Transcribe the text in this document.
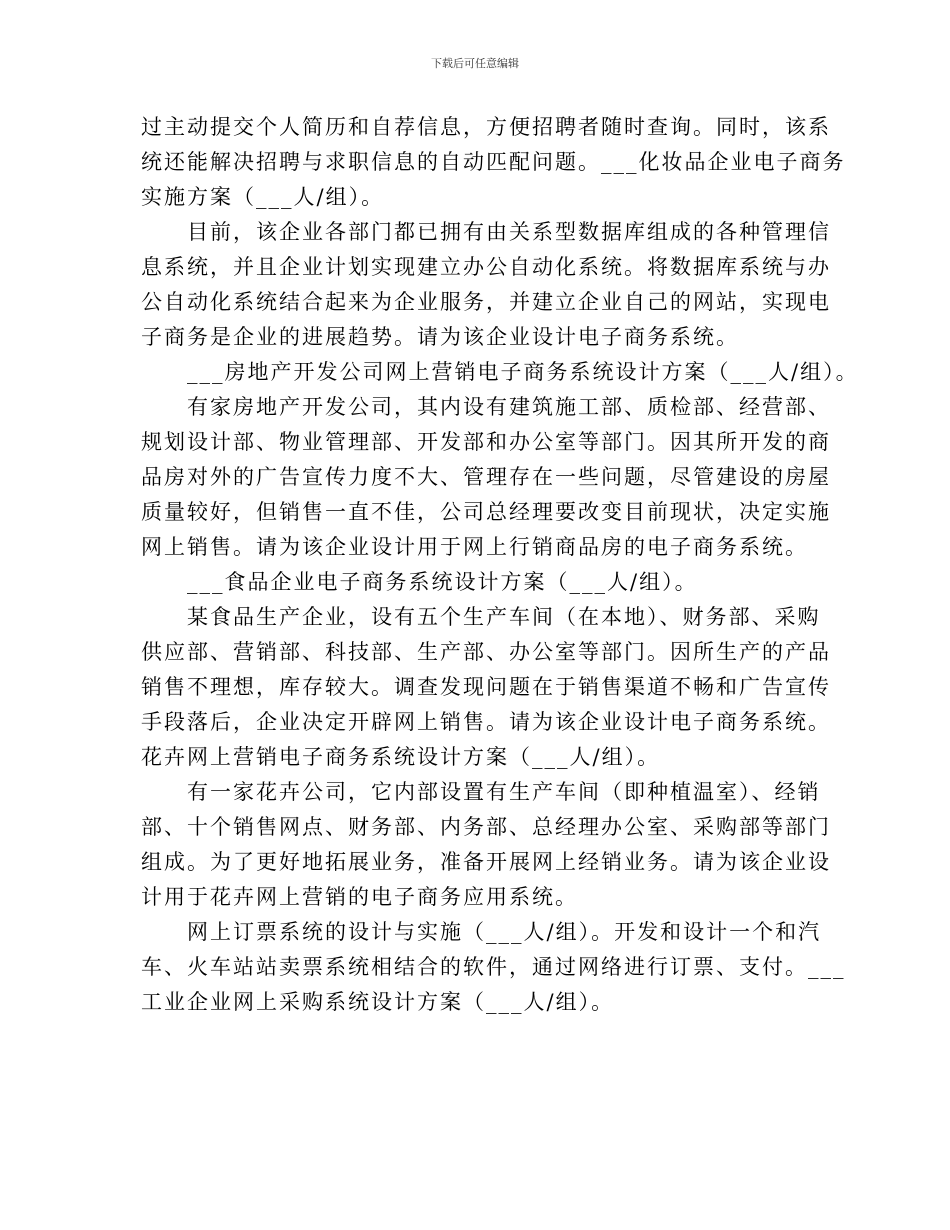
下载后可任意编辑
过主动提交个人简历和自荐信息，方便招聘者随时查询。同时，该系
统还能解决招聘与求职信息的自动匹配问题。___化妆品企业电子商务
实施方案（___人/组）。
目前，该企业各部门都已拥有由关系型数据库组成的各种管理信
息系统，并且企业计划实现建立办公自动化系统。将数据库系统与办
公自动化系统结合起来为企业服务，并建立企业自己的网站，实现电
子商务是企业的进展趋势。请为该企业设计电子商务系统。
___房地产开发公司网上营销电子商务系统设计方案（___人/组）。
有家房地产开发公司，其内设有建筑施工部、质检部、经营部、
规划设计部、物业管理部、开发部和办公室等部门。因其所开发的商
品房对外的广告宣传力度不大、管理存在一些问题，尽管建设的房屋
质量较好，但销售一直不佳，公司总经理要改变目前现状，决定实施
网上销售。请为该企业设计用于网上行销商品房的电子商务系统。
___食品企业电子商务系统设计方案（___人/组）。
某食品生产企业，设有五个生产车间（在本地）、财务部、采购
供应部、营销部、科技部、生产部、办公室等部门。因所生产的产品
销售不理想，库存较大。调查发现问题在于销售渠道不畅和广告宣传
手段落后，企业决定开辟网上销售。请为该企业设计电子商务系统。
花卉网上营销电子商务系统设计方案（___人/组）。
有一家花卉公司，它内部设置有生产车间（即种植温室）、经销
部、十个销售网点、财务部、内务部、总经理办公室、采购部等部门
组成。为了更好地拓展业务，准备开展网上经销业务。请为该企业设
计用于花卉网上营销的电子商务应用系统。
网上订票系统的设计与实施（___人/组）。开发和设计一个和汽
车、火车站站卖票系统相结合的软件，通过网络进行订票、支付。___
工业企业网上采购系统设计方案（___人/组）。
